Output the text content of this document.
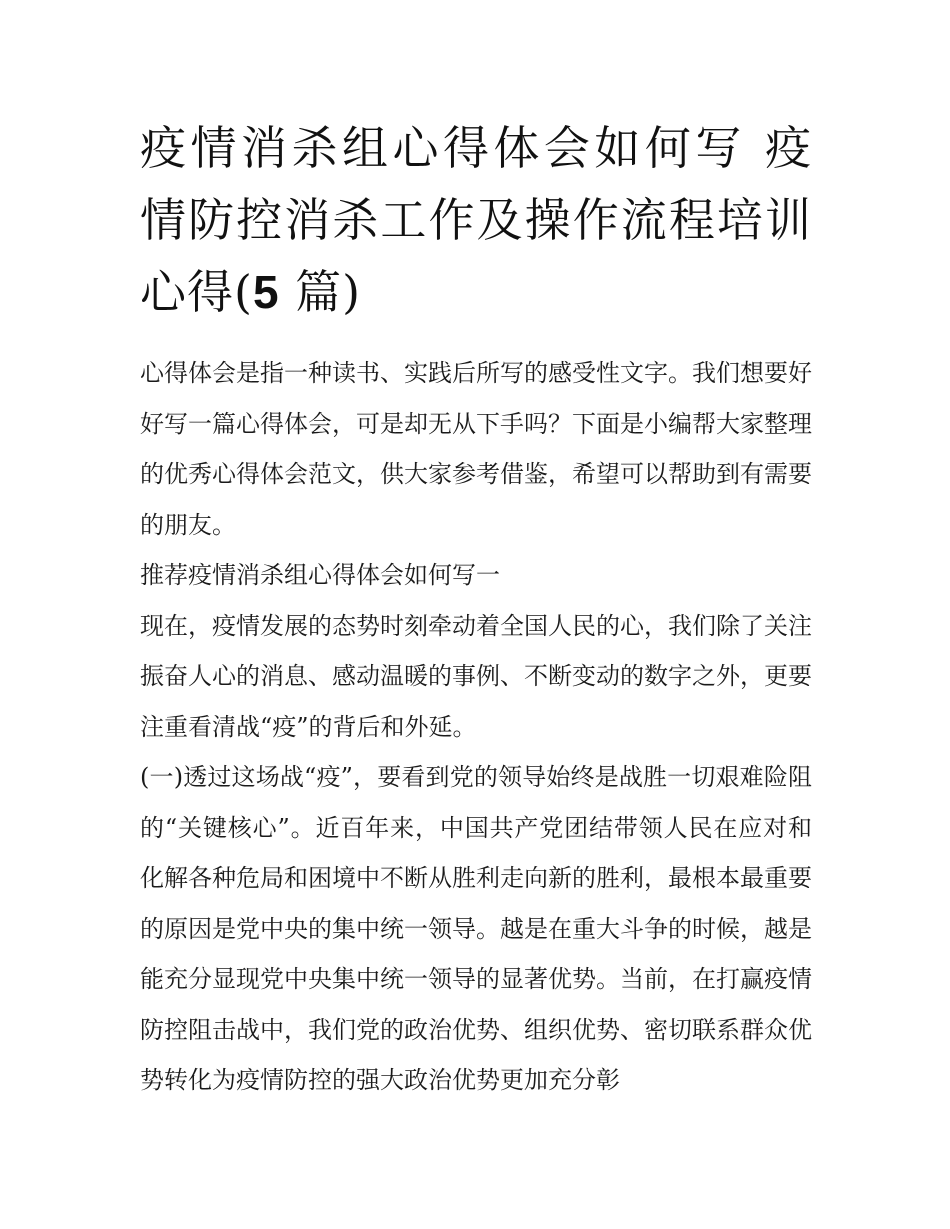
疫情消杀组心得体会如何写 疫情防控消杀工作及操作流程培训心得(5 篇)

心得体会是指一种读书、实践后所写的感受性文字。我们想要好好写一篇心得体会，可是却无从下手吗？下面是小编帮大家整理的优秀心得体会范文，供大家参考借鉴，希望可以帮助到有需要的朋友。

推荐疫情消杀组心得体会如何写一

现在，疫情发展的态势时刻牵动着全国人民的心，我们除了关注振奋人心的消息、感动温暖的事例、不断变动的数字之外，更要注重看清战“疫”的背后和外延。

(一)透过这场战“疫”，要看到党的领导始终是战胜一切艰难险阻的“关键核心”。近百年来，中国共产党团结带领人民在应对和化解各种危局和困境中不断从胜利走向新的胜利，最根本最重要的原因是党中央的集中统一领导。越是在重大斗争的时候，越是能充分显现党中央集中统一领导的显著优势。当前，在打赢疫情防控阻击战中，我们党的政治优势、组织优势、密切联系群众优势转化为疫情防控的强大政治优势更加充分彰
